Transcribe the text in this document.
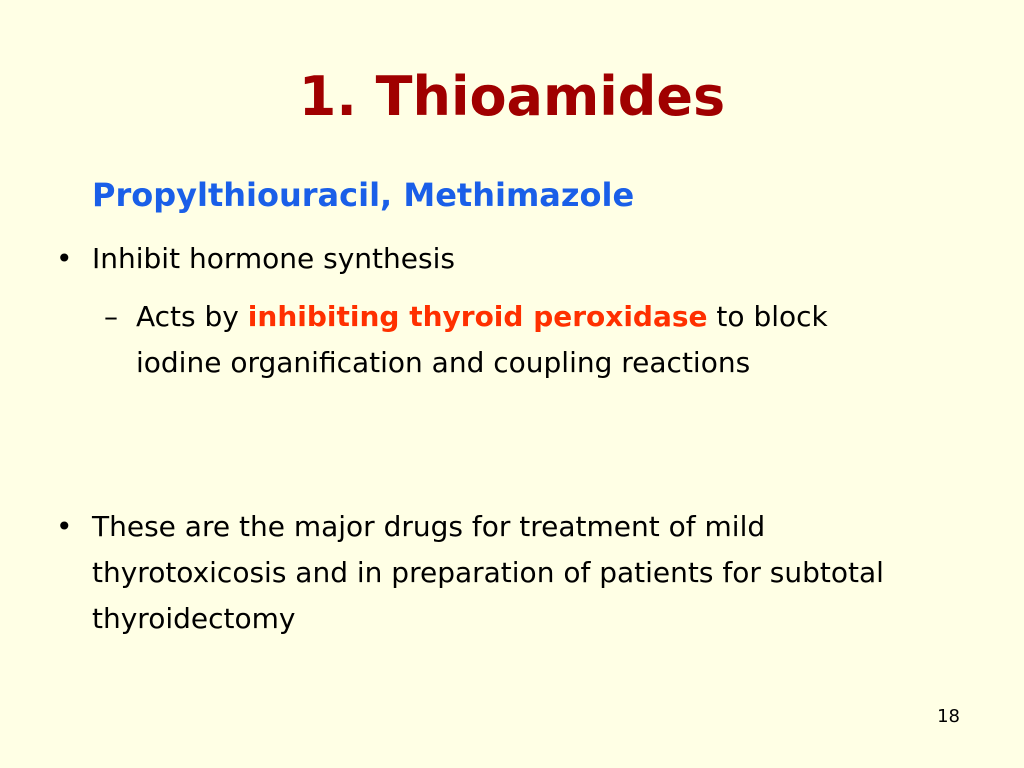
1. Thioamides
Propylthiouracil, Methimazole
• Inhibit hormone synthesis
– Acts by inhibiting thyroid peroxidase to block iodine organification and coupling reactions
• These are the major drugs for treatment of mild thyrotoxicosis and in preparation of patients for subtotal thyroidectomy
18
